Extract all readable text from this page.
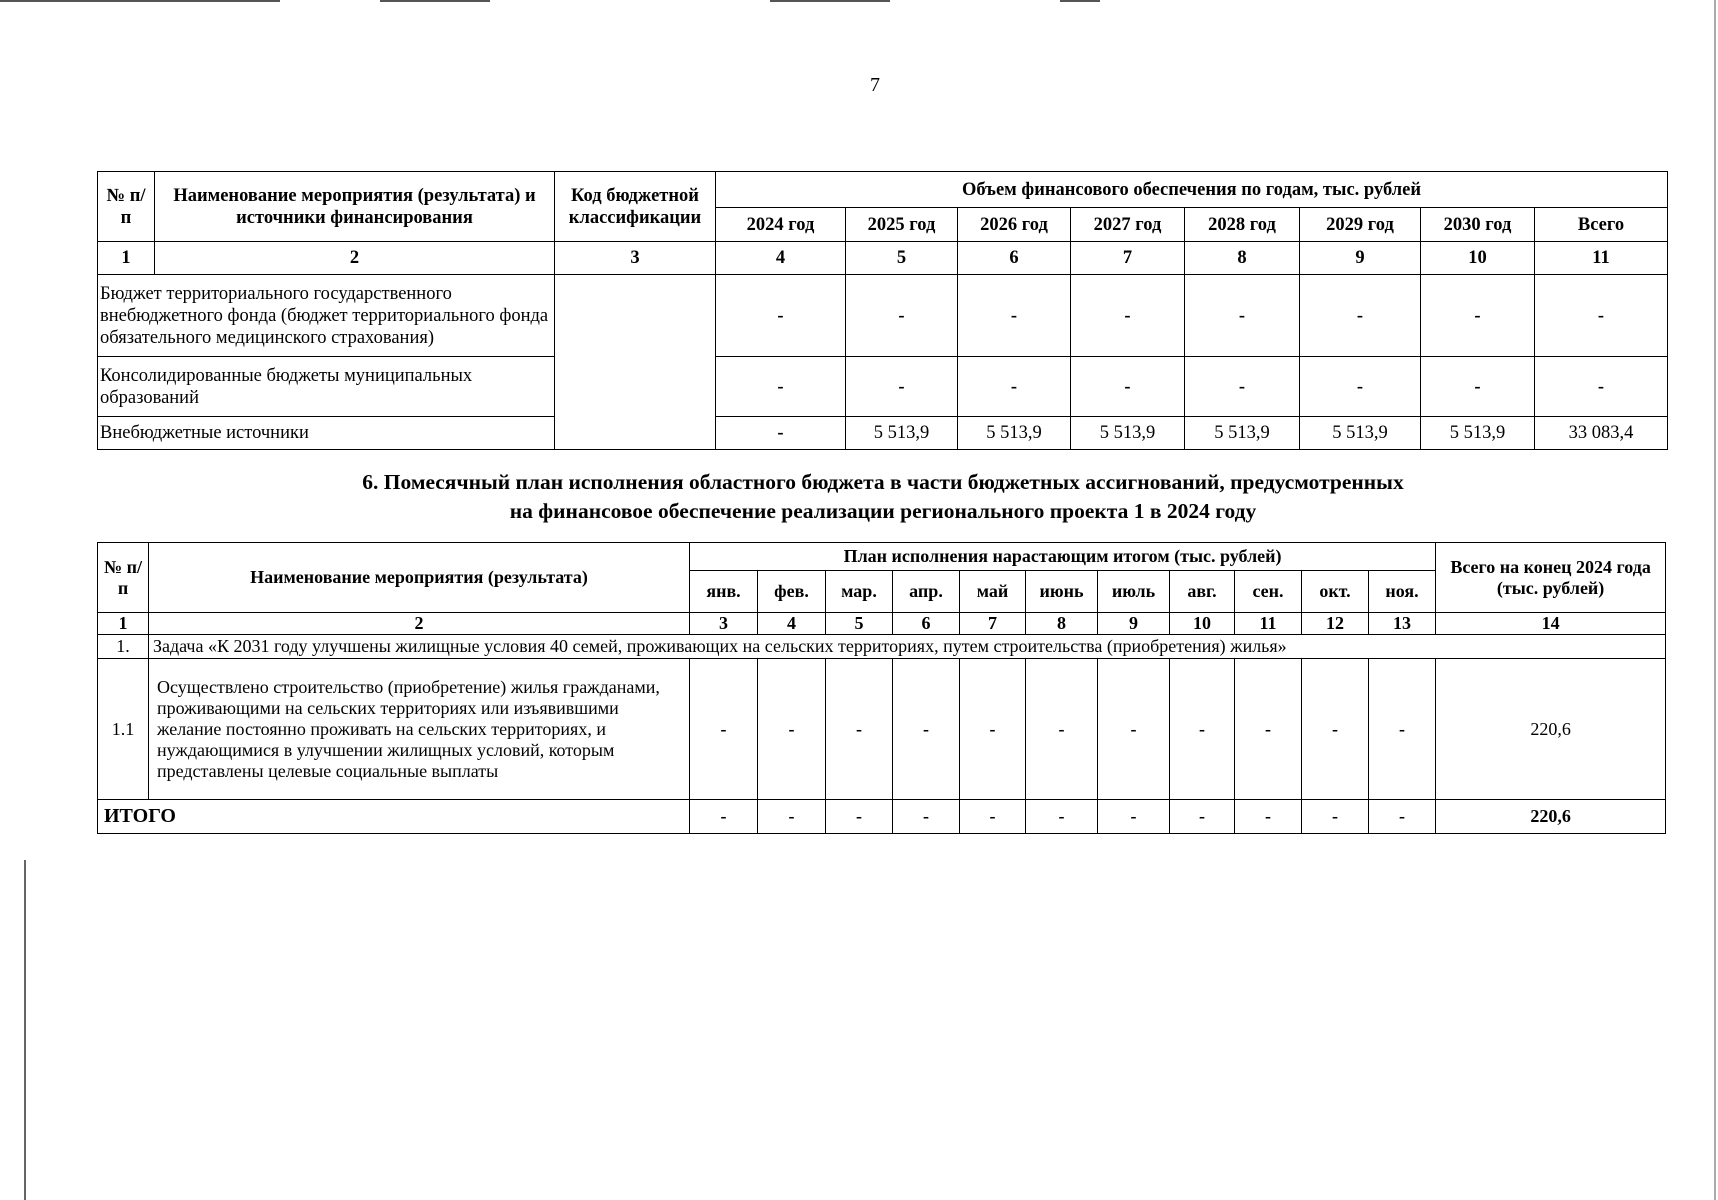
7
№ п/п	Наименование мероприятия (результата) и источники финансирования	Код бюджетной классификации	Объем финансового обеспечения по годам, тыс. рублей							
			2024 год	2025 год	2026 год	2027 год	2028 год	2029 год	2030 год	Всего
1	2	3	4	5	6	7	8	9	10	11
Бюджет территориального государственного внебюджетного фонда (бюджет территориального фонда обязательного медицинского страхования)			-	-	-	-	-	-	-	-
Консолидированные бюджеты муниципальных образований			-	-	-	-	-	-	-	-
Внебюджетные источники			-	5 513,9	5 513,9	5 513,9	5 513,9	5 513,9	5 513,9	33 083,4
6. Помесячный план исполнения областного бюджета в части бюджетных ассигнований, предусмотренных
на финансовое обеспечение реализации регионального проекта 1 в 2024 году
№ п/п	Наименование мероприятия (результата)	План исполнения нарастающим итогом (тыс. рублей)											Всего на конец 2024 года (тыс. рублей)
		янв.	фев.	мар.	апр.	май	июнь	июль	авг.	сен.	окт.	ноя.	
1	2	3	4	5	6	7	8	9	10	11	12	13	14
1.	Задача «К 2031 году улучшены жилищные условия 40 семей, проживающих на сельских территориях, путем строительства (приобретения) жилья»												
1.1	Осуществлено строительство (приобретение) жилья гражданами, проживающими на сельских территориях или изъявившими желание постоянно проживать на сельских территориях, и нуждающимися в улучшении жилищных условий, которым представлены целевые социальные выплаты	-	-	-	-	-	-	-	-	-	-	-	220,6
ИТОГО		-	-	-	-	-	-	-	-	-	-	-	220,6
